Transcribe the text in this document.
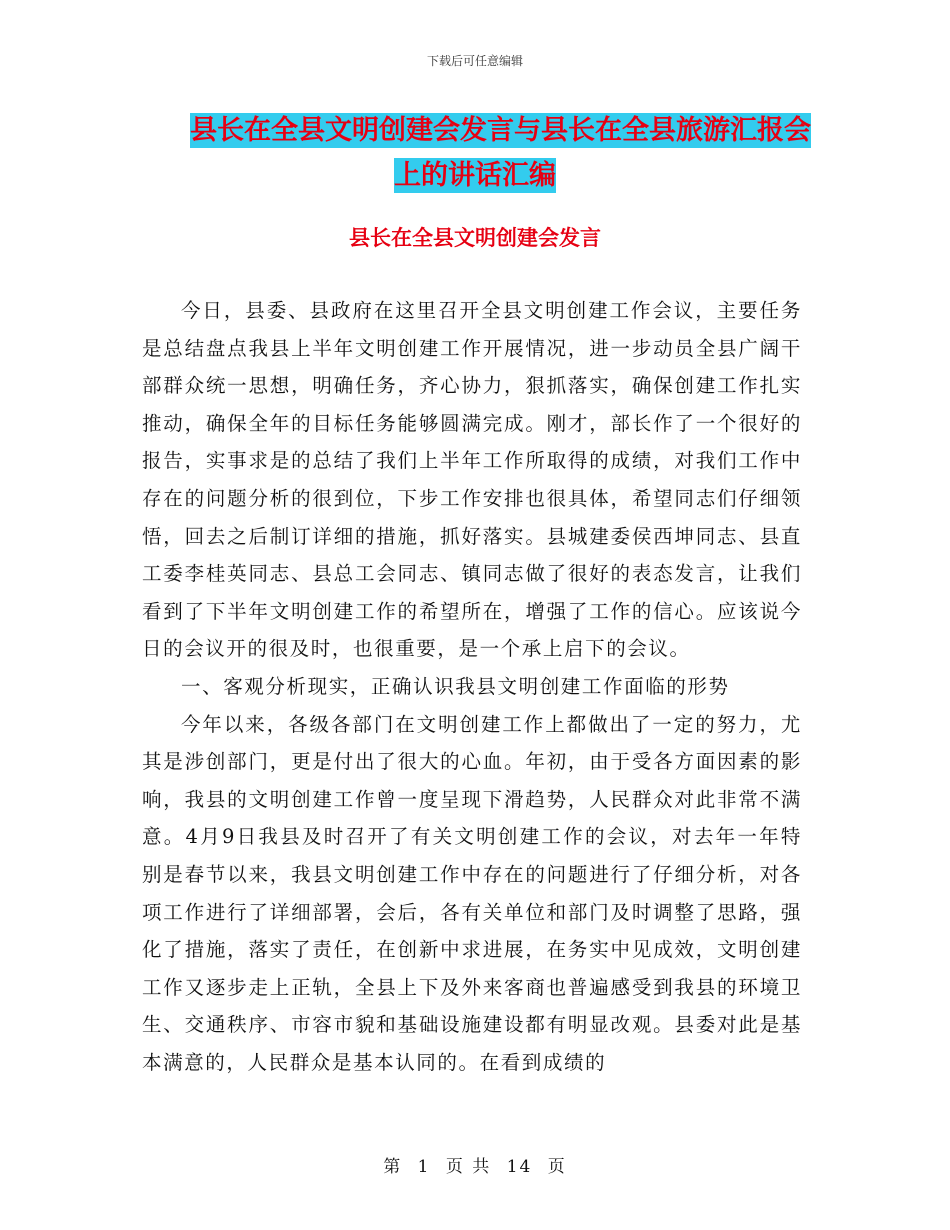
下载后可任意编辑
县长在全县文明创建会发言与县长在全县旅游汇报会
上的讲话汇编
县长在全县文明创建会发言

今日，县委、县政府在这里召开全县文明创建工作会议，主要任务是总结盘点我县上半年文明创建工作开展情况，进一步动员全县广阔干部群众统一思想，明确任务，齐心协力，狠抓落实，确保创建工作扎实推动，确保全年的目标任务能够圆满完成。刚才，部长作了一个很好的报告，实事求是的总结了我们上半年工作所取得的成绩，对我们工作中存在的问题分析的很到位，下步工作安排也很具体，希望同志们仔细领悟，回去之后制订详细的措施，抓好落实。县城建委侯西坤同志、县直工委李桂英同志、县总工会同志、镇同志做了很好的表态发言，让我们看到了下半年文明创建工作的希望所在，增强了工作的信心。应该说今日的会议开的很及时，也很重要，是一个承上启下的会议。

一、客观分析现实，正确认识我县文明创建工作面临的形势

今年以来，各级各部门在文明创建工作上都做出了一定的努力，尤其是涉创部门，更是付出了很大的心血。年初，由于受各方面因素的影响，我县的文明创建工作曾一度呈现下滑趋势，人民群众对此非常不满意。4月9日我县及时召开了有关文明创建工作的会议，对去年一年特别是春节以来，我县文明创建工作中存在的问题进行了仔细分析，对各项工作进行了详细部署，会后，各有关单位和部门及时调整了思路，强化了措施，落实了责任，在创新中求进展，在务实中见成效，文明创建工作又逐步走上正轨，全县上下及外来客商也普遍感受到我县的环境卫生、交通秩序、市容市貌和基础设施建设都有明显改观。县委对此是基本满意的，人民群众是基本认同的。在看到成绩的

第 1 页 共 14 页
